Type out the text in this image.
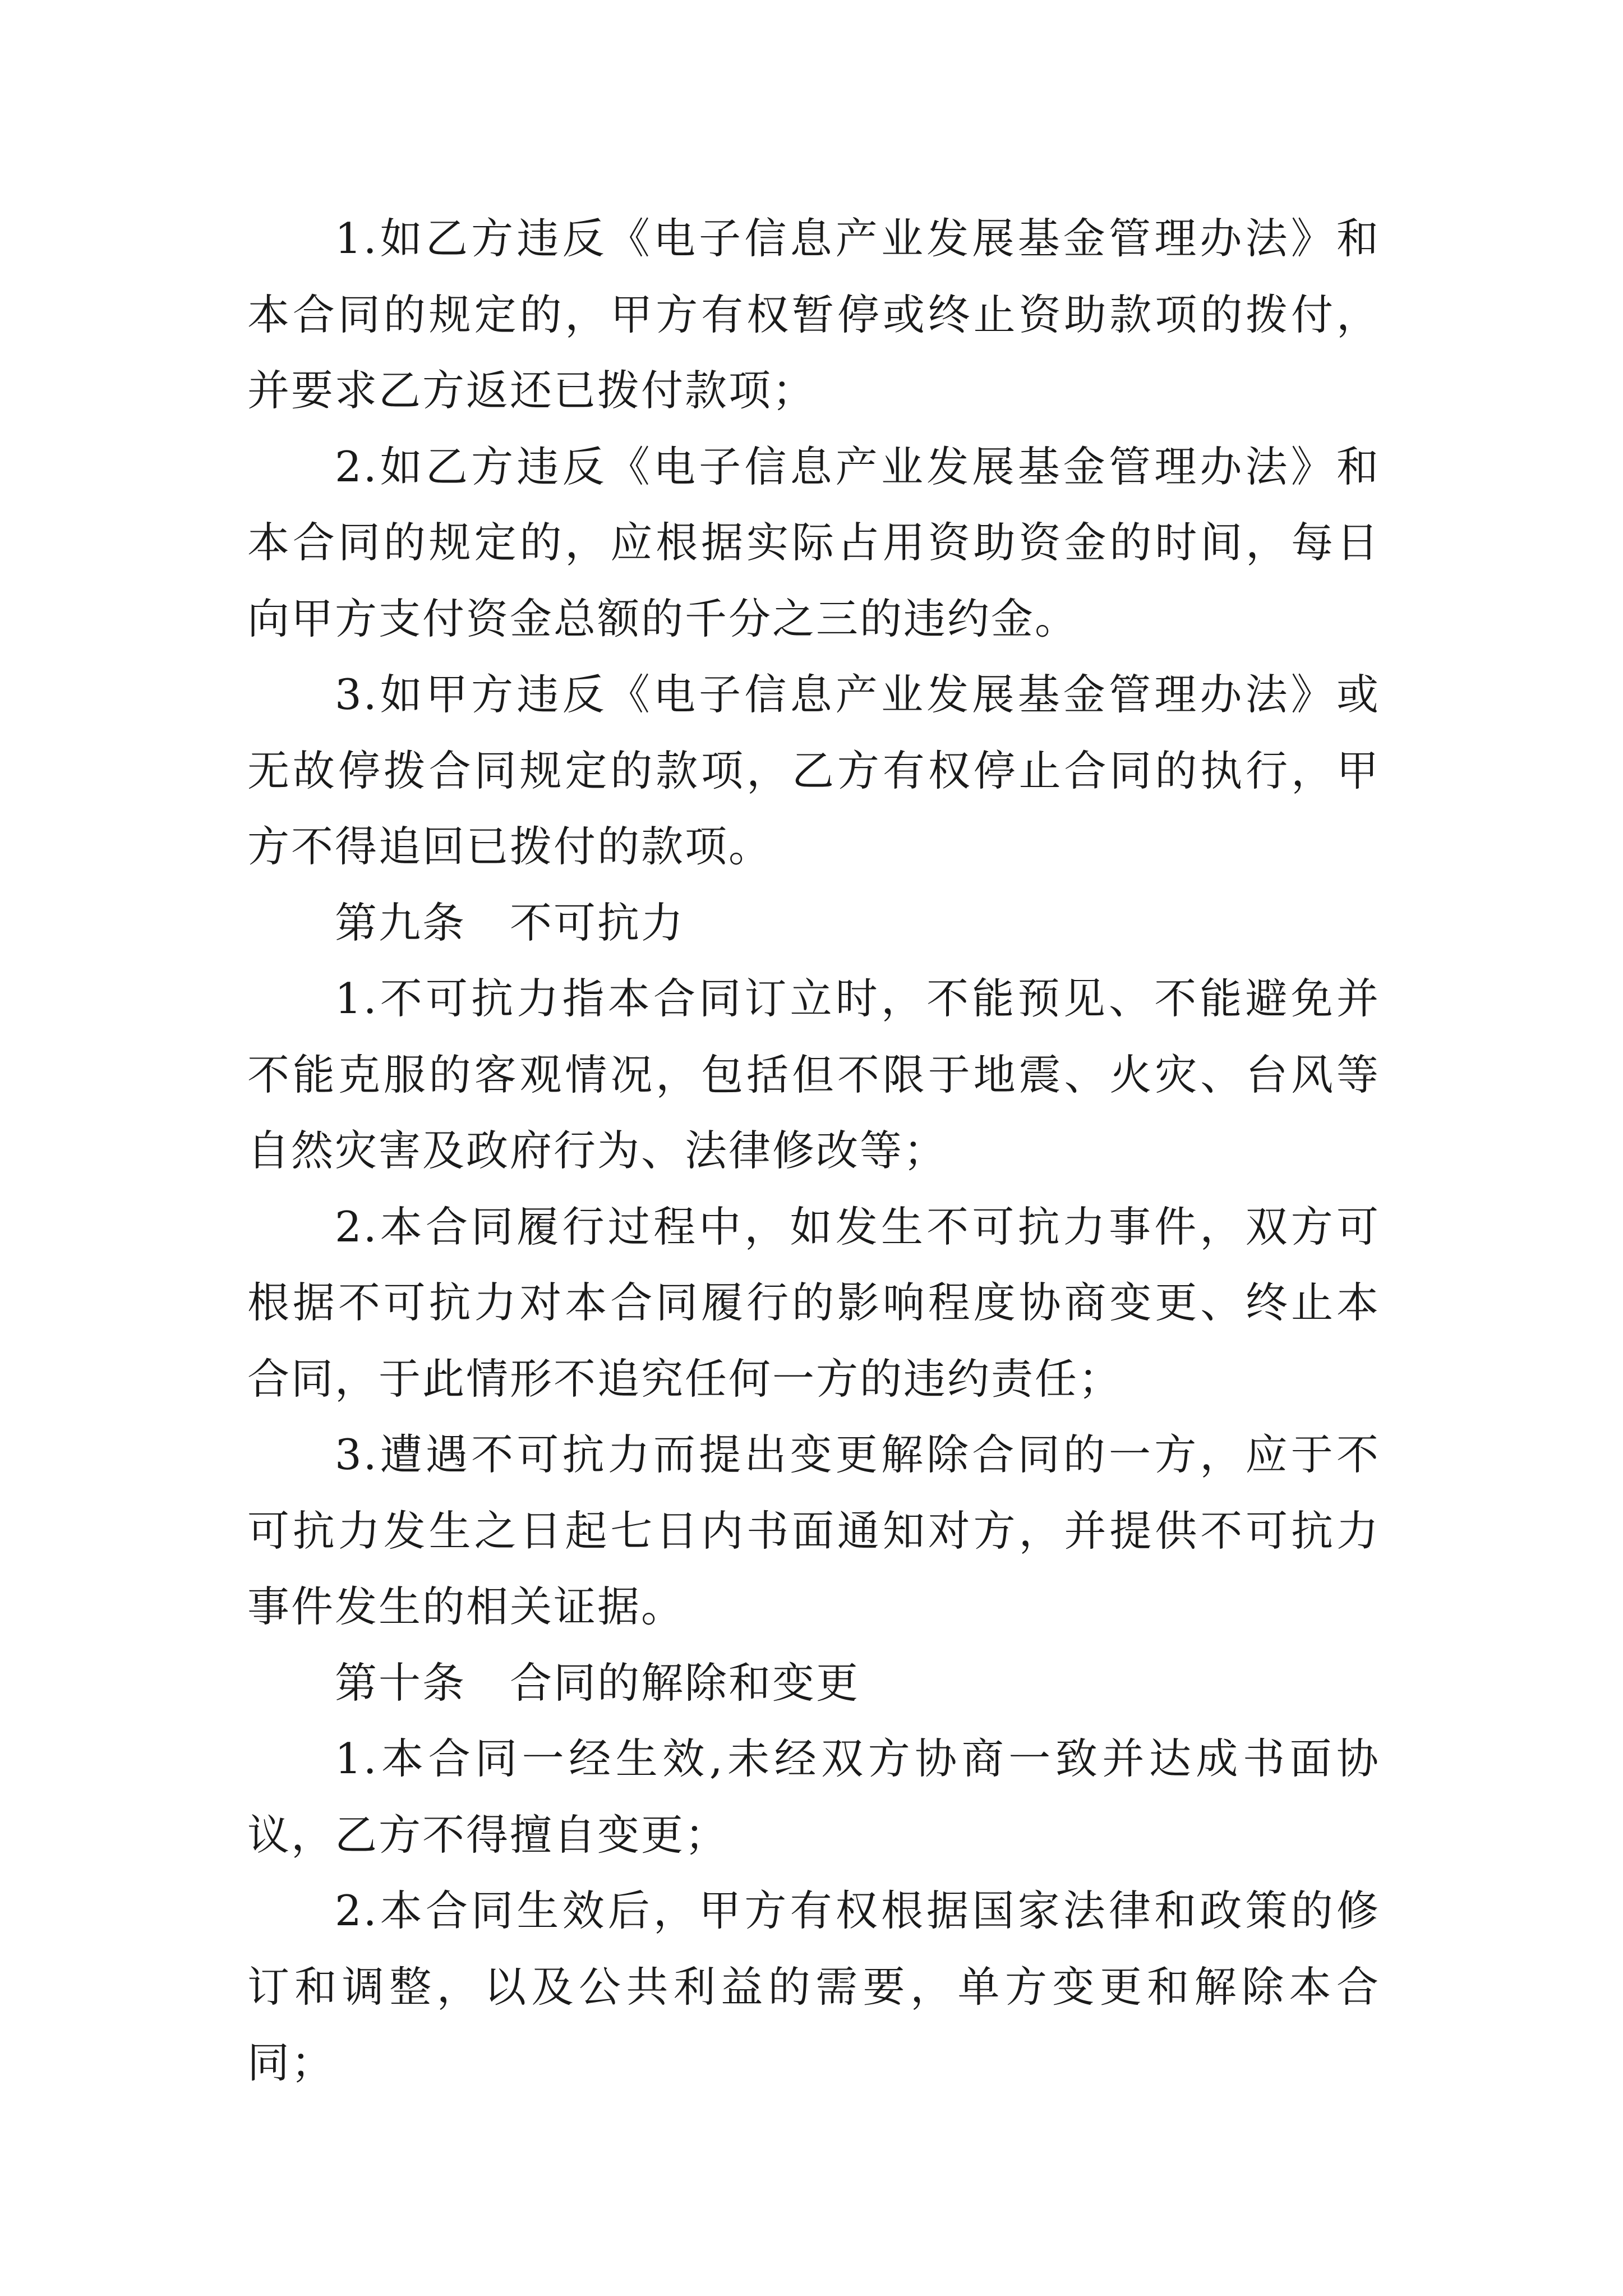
1.如乙方违反《电子信息产业发展基金管理办法》和本合同的规定的，甲方有权暂停或终止资助款项的拨付，并要求乙方返还已拨付款项；

2.如乙方违反《电子信息产业发展基金管理办法》和本合同的规定的，应根据实际占用资助资金的时间，每日向甲方支付资金总额的千分之三的违约金。

3.如甲方违反《电子信息产业发展基金管理办法》或无故停拨合同规定的款项，乙方有权停止合同的执行，甲方不得追回已拨付的款项。

第九条　不可抗力

1.不可抗力指本合同订立时，不能预见、不能避免并不能克服的客观情况，包括但不限于地震、火灾、台风等自然灾害及政府行为、法律修改等；

2.本合同履行过程中，如发生不可抗力事件，双方可根据不可抗力对本合同履行的影响程度协商变更、终止本合同，于此情形不追究任何一方的违约责任；

3.遭遇不可抗力而提出变更解除合同的一方，应于不可抗力发生之日起七日内书面通知对方，并提供不可抗力事件发生的相关证据。

第十条　合同的解除和变更

1.本合同一经生效,未经双方协商一致并达成书面协议，乙方不得擅自变更；

2.本合同生效后，甲方有权根据国家法律和政策的修订和调整，以及公共利益的需要，单方变更和解除本合同；
